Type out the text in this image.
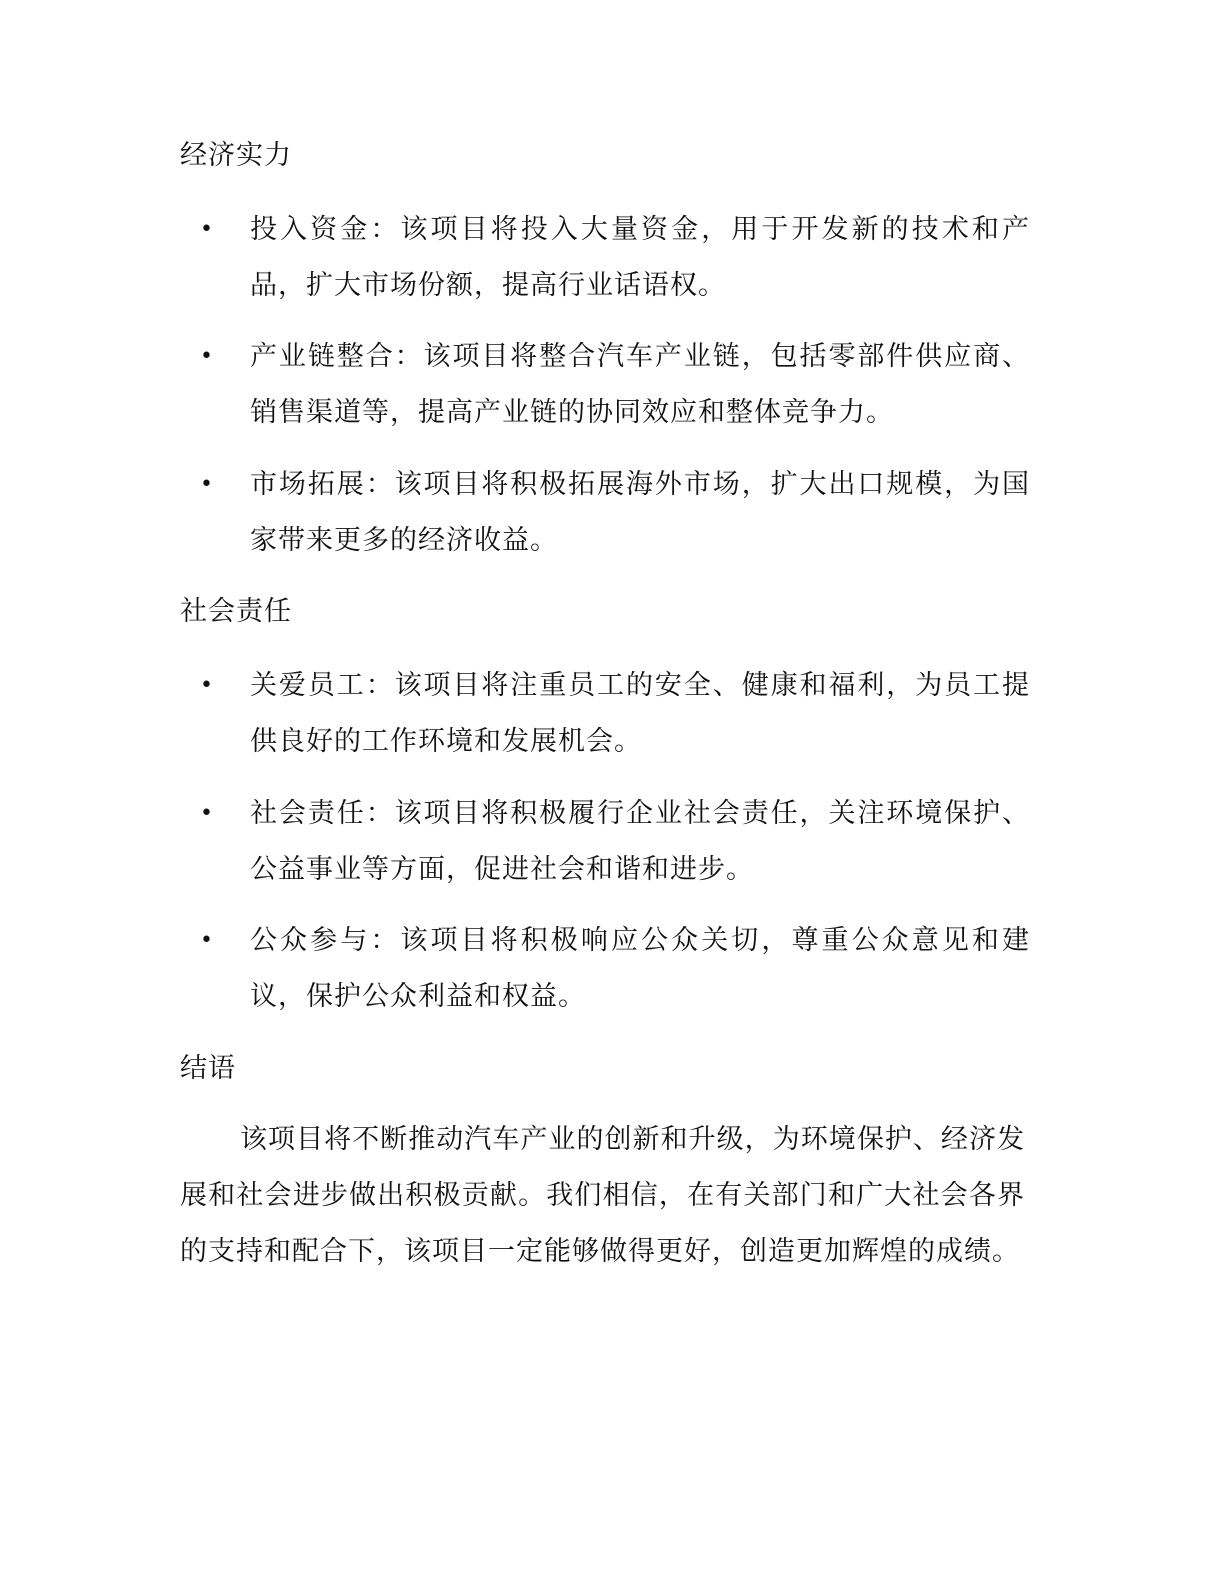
经济实力
• 投入资金：该项目将投入大量资金，用于开发新的技术和产品，扩大市场份额，提高行业话语权。
• 产业链整合：该项目将整合汽车产业链，包括零部件供应商、销售渠道等，提高产业链的协同效应和整体竞争力。
• 市场拓展：该项目将积极拓展海外市场，扩大出口规模，为国家带来更多的经济收益。
社会责任
• 关爱员工：该项目将注重员工的安全、健康和福利，为员工提供良好的工作环境和发展机会。
• 社会责任：该项目将积极履行企业社会责任，关注环境保护、公益事业等方面，促进社会和谐和进步。
• 公众参与：该项目将积极响应公众关切，尊重公众意见和建议，保护公众利益和权益。
结语

该项目将不断推动汽车产业的创新和升级，为环境保护、经济发展和社会进步做出积极贡献。我们相信，在有关部门和广大社会各界的支持和配合下，该项目一定能够做得更好，创造更加辉煌的成绩。
